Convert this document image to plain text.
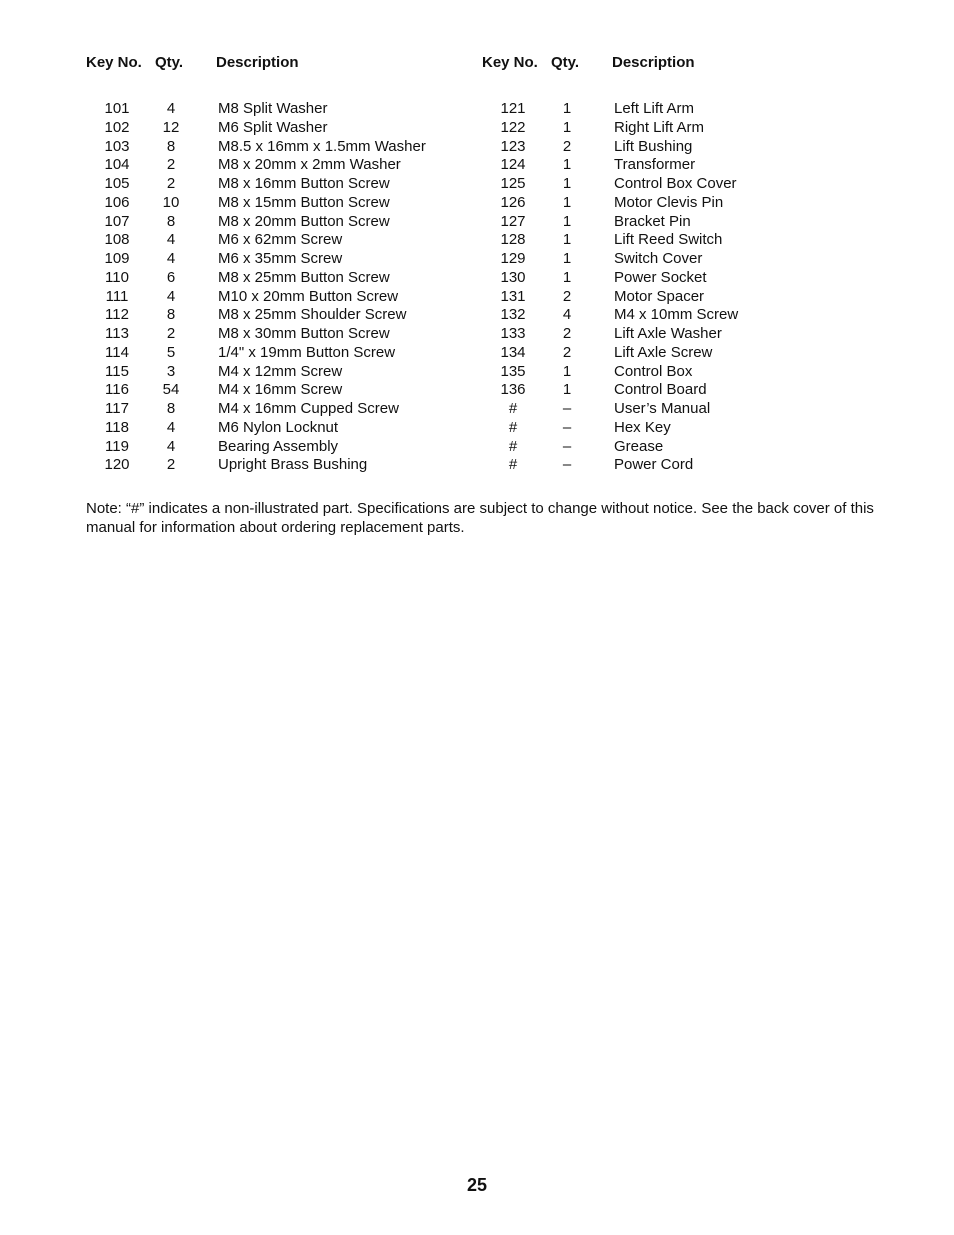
Key No. Qty. Description
101	4	M8 Split Washer
102	12	M6 Split Washer
103	8	M8.5 x 16mm x 1.5mm Washer
104	2	M8 x 20mm x 2mm Washer
105	2	M8 x 16mm Button Screw
106	10	M8 x 15mm Button Screw
107	8	M8 x 20mm Button Screw
108	4	M6 x 62mm Screw
109	4	M6 x 35mm Screw
110	6	M8 x 25mm Button Screw
111	4	M10 x 20mm Button Screw
112	8	M8 x 25mm Shoulder Screw
113	2	M8 x 30mm Button Screw
114	5	1/4" x 19mm Button Screw
115	3	M4 x 12mm Screw
116	54	M4 x 16mm Screw
117	8	M4 x 16mm Cupped Screw
118	4	M6 Nylon Locknut
119	4	Bearing Assembly
120	2	Upright Brass Bushing
Key No. Qty. Description
121	1	Left Lift Arm
122	1	Right Lift Arm
123	2	Lift Bushing
124	1	Transformer
125	1	Control Box Cover
126	1	Motor Clevis Pin
127	1	Bracket Pin
128	1	Lift Reed Switch
129	1	Switch Cover
130	1	Power Socket
131	2	Motor Spacer
132	4	M4 x 10mm Screw
133	2	Lift Axle Washer
134	2	Lift Axle Screw
135	1	Control Box
136	1	Control Board
#	–	User’s Manual
#	–	Hex Key
#	–	Grease
#	–	Power Cord

Note: “#” indicates a non-illustrated part. Specifications are subject to change without notice. See the back cover of this manual for information about ordering replacement parts.

25
